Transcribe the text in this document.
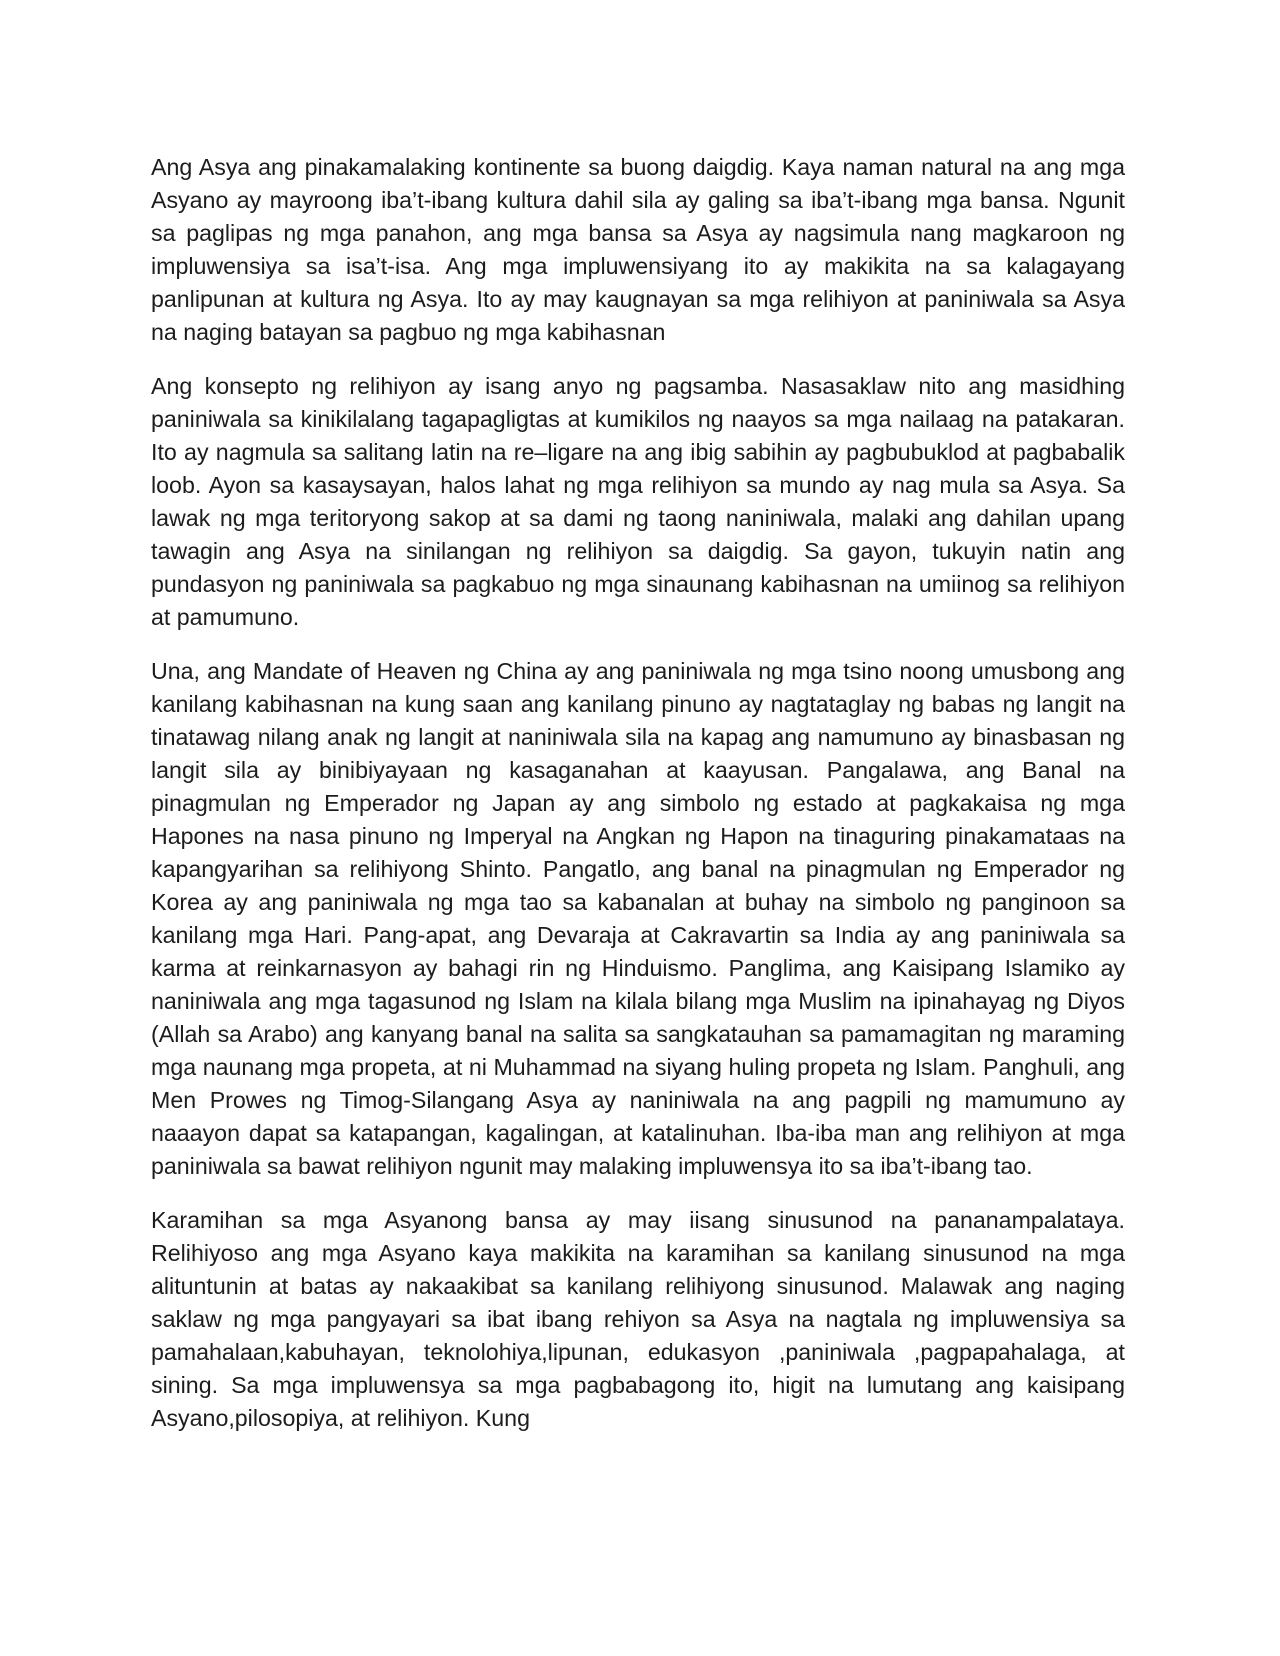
Ang Asya ang pinakamalaking kontinente sa buong daigdig. Kaya naman natural na ang mga Asyano ay mayroong iba’t-ibang kultura dahil sila ay galing sa iba’t-ibang mga bansa. Ngunit sa paglipas ng mga panahon, ang mga bansa sa Asya ay nagsimula nang magkaroon ng impluwensiya sa isa’t-isa. Ang mga impluwensiyang ito ay makikita na sa kalagayang panlipunan at kultura ng Asya. Ito ay may kaugnayan sa mga relihiyon at paniniwala sa Asya na naging batayan sa pagbuo ng mga kabihasnan

Ang konsepto ng relihiyon ay isang anyo ng pagsamba. Nasasaklaw nito ang masidhing paniniwala sa kinikilalang tagapagligtas at kumikilos ng naayos sa mga nailaag na patakaran. Ito ay nagmula sa salitang latin na re–ligare na ang ibig sabihin ay pagbubuklod at pagbabalik loob. Ayon sa kasaysayan, halos lahat ng mga relihiyon sa mundo ay nag mula sa Asya. Sa lawak ng mga teritoryong sakop at sa dami ng taong naniniwala, malaki ang dahilan upang tawagin ang Asya na sinilangan ng relihiyon sa daigdig. Sa gayon, tukuyin natin ang pundasyon ng paniniwala sa pagkabuo ng mga sinaunang kabihasnan na umiinog sa relihiyon at pamumuno.

Una, ang Mandate of Heaven ng China ay ang paniniwala ng mga tsino noong umusbong ang kanilang kabihasnan na kung saan ang kanilang pinuno ay nagtataglay ng babas ng langit na tinatawag nilang anak ng langit at naniniwala sila na kapag ang namumuno ay binasbasan ng langit sila ay binibiyayaan ng kasaganahan at kaayusan. Pangalawa, ang Banal na pinagmulan ng Emperador ng Japan ay ang simbolo ng estado at pagkakaisa ng mga Hapones na nasa pinuno ng Imperyal na Angkan ng Hapon na tinaguring pinakamataas na kapangyarihan sa relihiyong Shinto. Pangatlo, ang banal na pinagmulan ng Emperador ng Korea ay ang paniniwala ng mga tao sa kabanalan at buhay na simbolo ng panginoon sa kanilang mga Hari. Pang-apat, ang Devaraja at Cakravartin sa India ay ang paniniwala sa karma at reinkarnasyon ay bahagi rin ng Hinduismo. Panglima, ang Kaisipang Islamiko ay naniniwala ang mga tagasunod ng Islam na kilala bilang mga Muslim na ipinahayag ng Diyos (Allah sa Arabo) ang kanyang banal na salita sa sangkatauhan sa pamamagitan ng maraming mga naunang mga propeta, at ni Muhammad na siyang huling propeta ng Islam. Panghuli, ang Men Prowes ng Timog-Silangang Asya ay naniniwala na ang pagpili ng mamumuno ay naaayon dapat sa katapangan, kagalingan, at katalinuhan. Iba-iba man ang relihiyon at mga paniniwala sa bawat relihiyon ngunit may malaking impluwensya ito sa iba’t-ibang tao.

Karamihan sa mga Asyanong bansa ay may iisang sinusunod na pananampalataya. Relihiyoso ang mga Asyano kaya makikita na karamihan sa kanilang sinusunod na mga alituntunin at batas ay nakaakibat sa kanilang relihiyong sinusunod. Malawak ang naging saklaw ng mga pangyayari sa ibat ibang rehiyon sa Asya na nagtala ng impluwensiya sa pamahalaan,kabuhayan, teknolohiya,lipunan, edukasyon ,paniniwala ,pagpapahalaga, at sining. Sa mga impluwensya sa mga pagbabagong ito, higit na lumutang ang kaisipang Asyano,pilosopiya, at relihiyon. Kung
